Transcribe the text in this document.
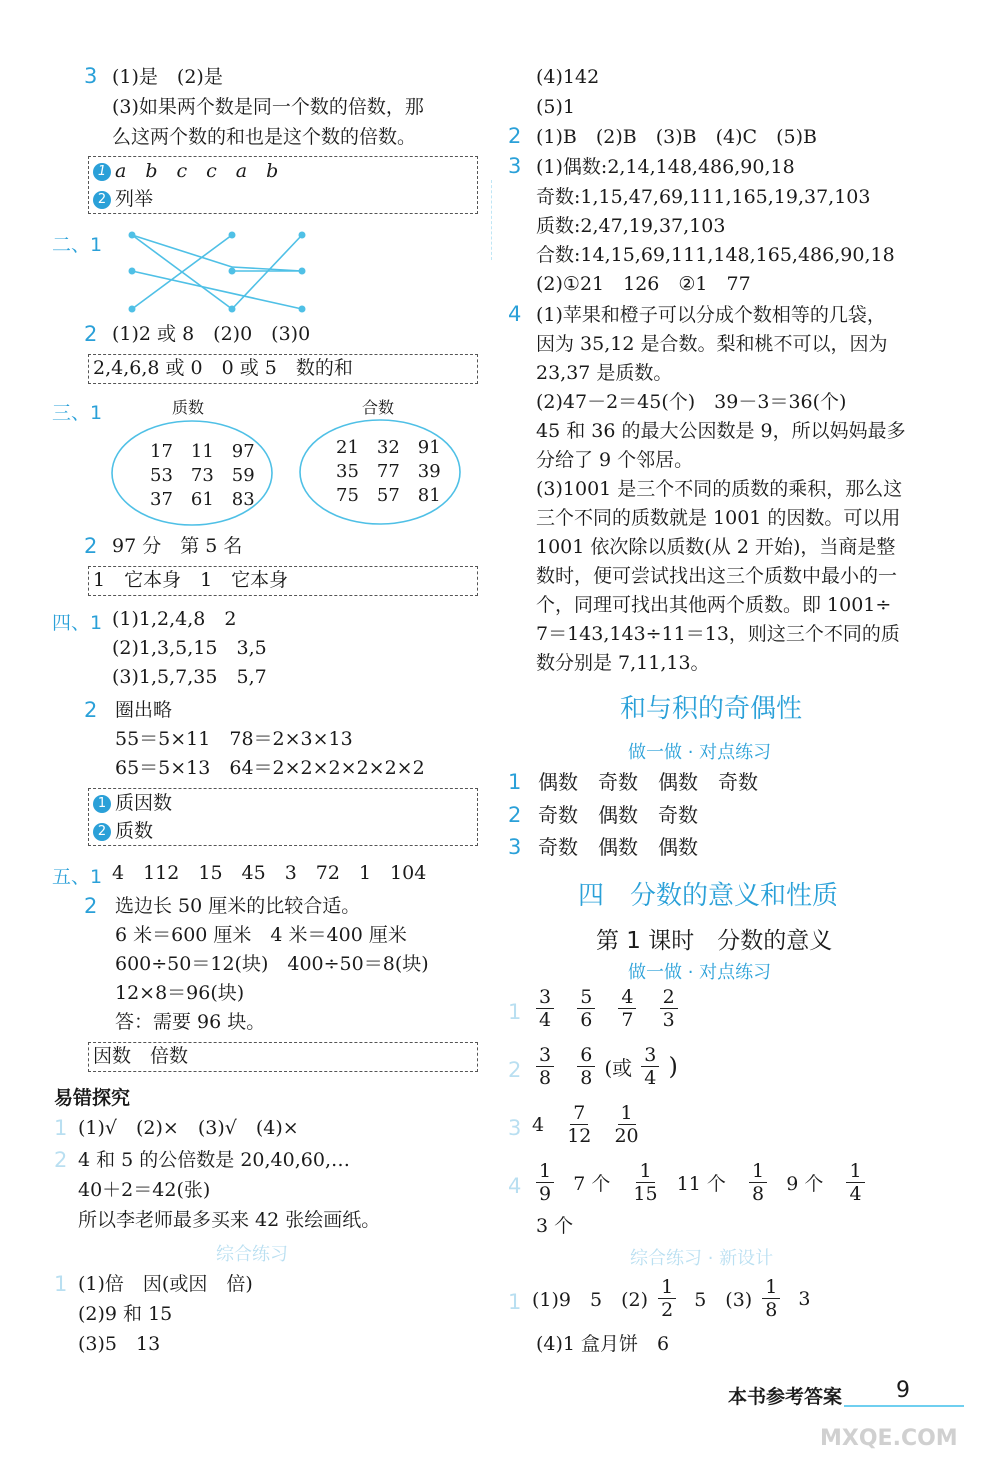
3 (1)是　(2)是
(3)如果两个数是同一个数的倍数，那
么这两个数的和也是这个数的倍数。
1 a　b　c　c　a　b
2 列举
二、1
2 (1)2 或 8　(2)0　(3)0
2,4,6,8 或 0　0 或 5　数的和
三、1	质数	合数
17　11　97
53　73　59
37　61　83
21　32　91
35　77　39
75　57　81
2 97 分　第 5 名
1　它本身　1　它本身
四、1 (1)1,2,4,8　2
(2)1,3,5,15　3,5
(3)1,5,7,35　5,7
2 圈出略
55＝5×11　78＝2×3×13
65＝5×13　64＝2×2×2×2×2×2
1 质因数
2 质数
五、1 4　112　15　45　3　72　1　104
2 选边长 50 厘米的比较合适。
6 米＝600 厘米　4 米＝400 厘米
600÷50＝12(块)　400÷50＝8(块)
12×8＝96(块)
答：需要 96 块。
因数　倍数
易错探究
1 (1)√　(2)×　(3)√　(4)×
2 4 和 5 的公倍数是 20,40,60,…
40＋2＝42(张)
所以李老师最多买来 42 张绘画纸。
综合练习
1 (1)倍　因(或因　倍)
(2)9 和 15
(3)5　13
(4)142
(5)1
2 (1)B　(2)B　(3)B　(4)C　(5)B
3 (1)偶数:2,14,148,486,90,18
奇数:1,15,47,69,111,165,19,37,103
质数:2,47,19,37,103
合数:14,15,69,111,148,165,486,90,18
(2)①21　126　②1　77
4 (1)苹果和橙子可以分成个数相等的几袋，
因为 35,12 是合数。梨和桃不可以，因为
23,37 是质数。
(2)47－2＝45(个)　39－3＝36(个)
45 和 36 的最大公因数是 9，所以妈妈最多
分给了 9 个邻居。
(3)1001 是三个不同的质数的乘积，那么这
三个不同的质数就是 1001 的因数。可以用
1001 依次除以质数(从 2 开始)，当商是整
数时，便可尝试找出这三个质数中最小的一
个，同理可找出其他两个质数。即 1001÷
7＝143,143÷11＝13，则这三个不同的质
数分别是 7,11,13。
和与积的奇偶性
做一做 · 对点练习
1 偶数　奇数　偶数　奇数
2 奇数　偶数　奇数
3 奇数　偶数　偶数
四　分数的意义和性质
第 1 课时　分数的意义
做一做 · 对点练习
$1 \frac{3}{4}$
$\frac{5}{6}$
$\frac{4}{7}$
$\frac{2}{3}$
$2 \frac{3}{8}$
$\frac{6}{8}$ (或 $\frac{3}{4}$ )
3 $4 \frac{7}{12}$
$\frac{1}{20}$
$4 \frac{1}{9} 7$ 个 $\frac{1}{15} 11$ 个 $\frac{1}{8} 9$ 个 $\frac{1}{4}$
3 个
综合练习 · 新设计
1 (1)9　5　$(2) \frac{1}{2} 5$　$(3) \frac{1}{8} 3$
(4)1 盒月饼　6
本书参考答案 9
MXQE.COM
